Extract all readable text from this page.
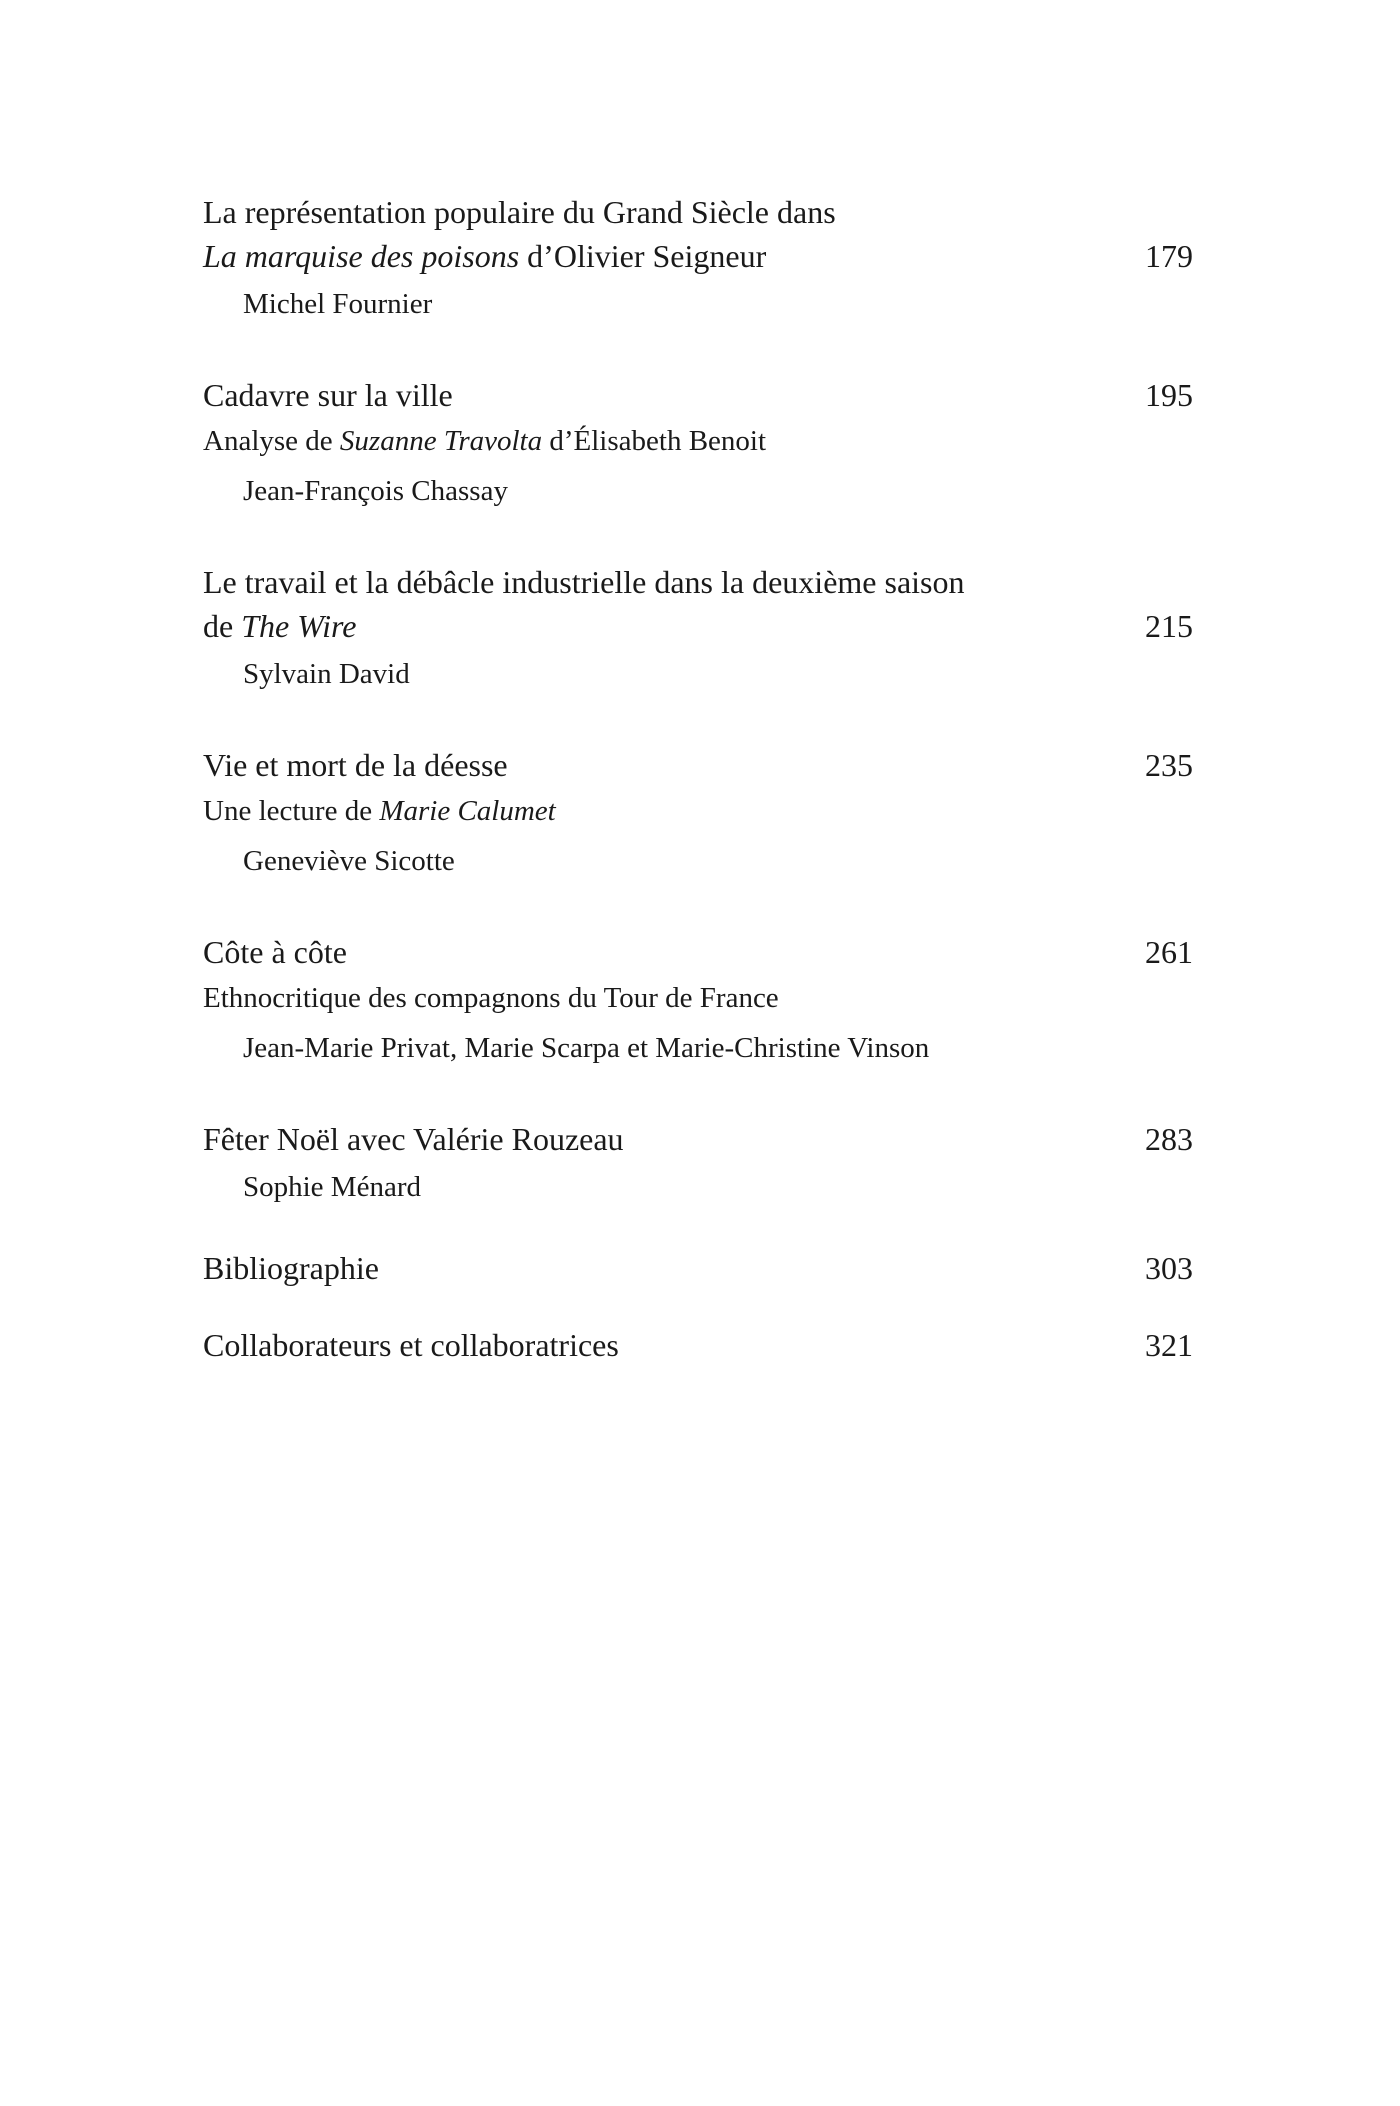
La représentation populaire du Grand Siècle dans
La marquise des poisons d’Olivier Seigneur	179
Michel Fournier
Cadavre sur la ville	195
Analyse de Suzanne Travolta d’Élisabeth Benoit
Jean-François Chassay
Le travail et la débâcle industrielle dans la deuxième saison
de The Wire	215
Sylvain David
Vie et mort de la déesse	235
Une lecture de Marie Calumet
Geneviève Sicotte
Côte à côte	261
Ethnocritique des compagnons du Tour de France
Jean-Marie Privat, Marie Scarpa et Marie-Christine Vinson
Fêter Noël avec Valérie Rouzeau	283
Sophie Ménard
Bibliographie	303
Collaborateurs et collaboratrices	321
